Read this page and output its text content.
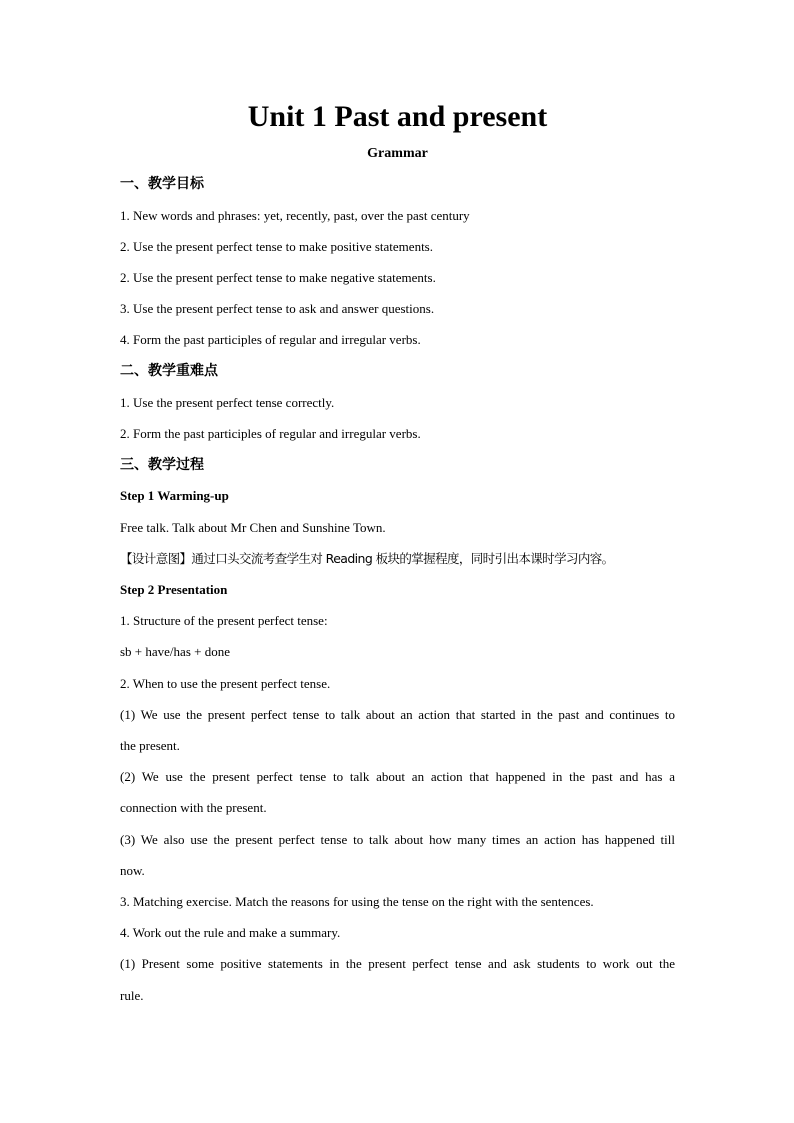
Unit 1 Past and present
Grammar
一、教学目标
1. New words and phrases: yet, recently, past, over the past century
2. Use the present perfect tense to make positive statements.
2. Use the present perfect tense to make negative statements.
3. Use the present perfect tense to ask and answer questions.
4. Form the past participles of regular and irregular verbs.
二、教学重难点
1. Use the present perfect tense correctly.
2. Form the past participles of regular and irregular verbs.
三、教学过程
Step 1 Warming-up
Free talk. Talk about Mr Chen and Sunshine Town.
【设计意图】通过口头交流考查学生对 Reading 板块的掌握程度，同时引出本课时学习内容。
Step 2 Presentation
1. Structure of the present perfect tense:
sb + have/has + done
2. When to use the present perfect tense.
(1) We use the present perfect tense to talk about an action that started in the past and continues to
the present.
(2) We use the present perfect tense to talk about an action that happened in the past and has a
connection with the present.
(3) We also use the present perfect tense to talk about how many times an action has happened till
now.
3. Matching exercise. Match the reasons for using the tense on the right with the sentences.
4. Work out the rule and make a summary.
(1) Present some positive statements in the present perfect tense and ask students to work out the
rule.
